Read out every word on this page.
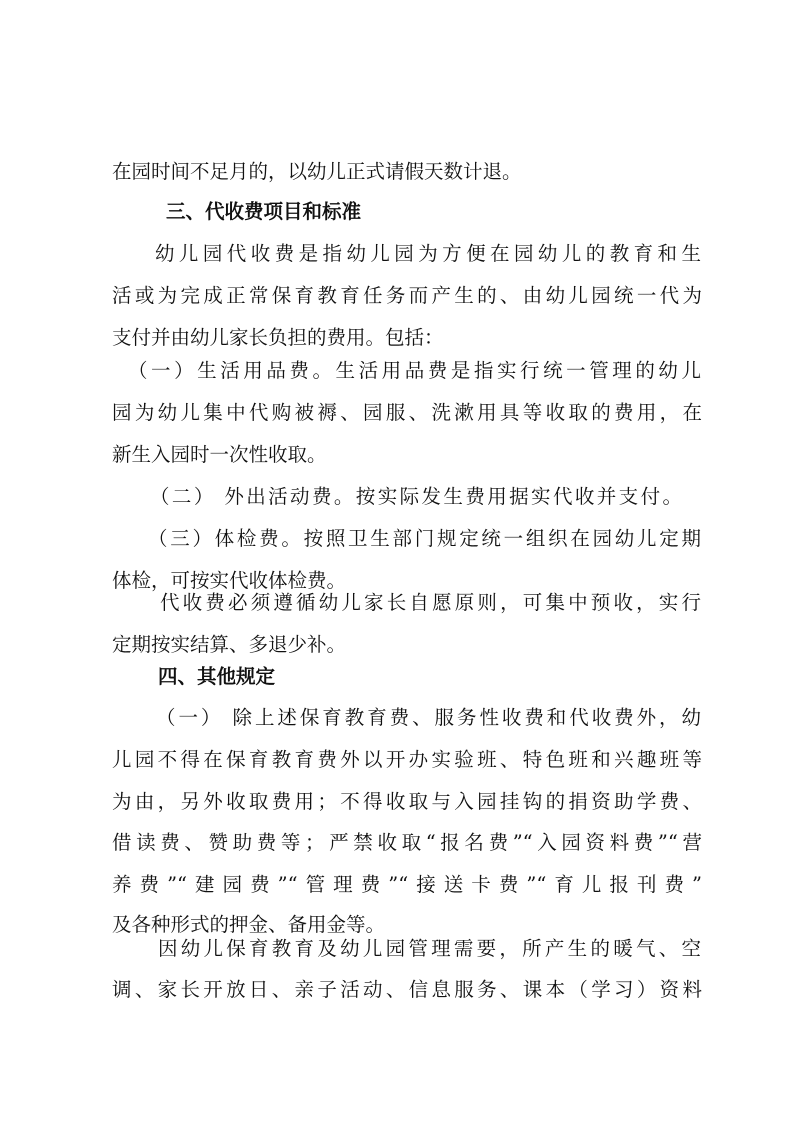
在园时间不足月的，以幼儿正式请假天数计退。
三、代收费项目和标准
幼儿园代收费是指幼儿园为方便在园幼儿的教育和生
活或为完成正常保育教育任务而产生的、由幼儿园统一代为
支付并由幼儿家长负担的费用。包括：
（一）生活用品费。生活用品费是指实行统一管理的幼儿
园为幼儿集中代购被褥、园服、洗漱用具等收取的费用，在
新生入园时一次性收取。
（二） 外出活动费。按实际发生费用据实代收并支付。
（三）体检费。按照卫生部门规定统一组织在园幼儿定期
体检，可按实代收体检费。
代收费必须遵循幼儿家长自愿原则，可集中预收，实行
定期按实结算、多退少补。
四、其他规定
（一） 除上述保育教育费、服务性收费和代收费外，幼
儿园不得在保育教育费外以开办实验班、特色班和兴趣班等
为由，另外收取费用；不得收取与入园挂钩的捐资助学费、
借读费、赞助费等；严禁收取“报名费”“入园资料费”“营
养费”“建园费”“管理费”“接送卡费”“育儿报刊费”
及各种形式的押金、备用金等。
因幼儿保育教育及幼儿园管理需要，所产生的暖气、空
调、家长开放日、亲子活动、信息服务、课本（学习）资料
